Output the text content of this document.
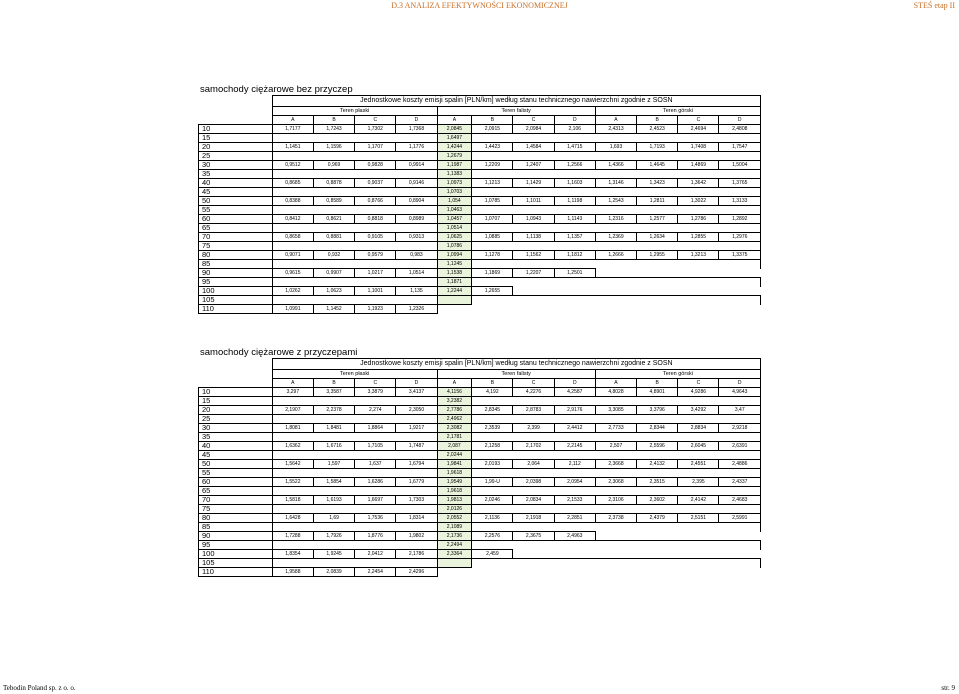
D.3 ANALIZA EFEKTYWNOŚCI EKONOMICZNEJ	STEŚ etap II
samochody ciężarowe bez przyczep
	Jednostkowe koszty emisji spalin [PLN/km] według stanu technicznego nawierzchni zgodnie z SOSN											
	Teren płaski				Teren falisty				Teren górski			
	A	B	C	D	A	B	C	D	A	B	C	D
10	1,7177	1,7243	1,7302	1,7368	2,0845	2,0915	2,0984	2,106	2,4313	2,4523	2,4694	2,4808
15					1,6497							
20	1,1451	1,1596	1,1707	1,1776	1,4244	1,4423	1,4584	1,4715	1,693	1,7193	1,7408	1,7547
25					1,2679							
30	0,9512	0,969	0,9828	0,9914	1,1987	1,2209	1,2407	1,2566	1,4366	1,4645	1,4869	1,5004
35					1,1383							
40	0,8685	0,8878	0,9037	0,9146	1,0973	1,1213	1,1429	1,1603	1,3146	1,3423	1,3642	1,3765
45					1,0703							
50	0,8388	0,8589	0,8766	0,8904	1,054	1,0785	1,1011	1,1198	1,2543	1,2811	1,3022	1,3133
55					1,0463							
60	0,8412	0,8621	0,8818	0,8989	1,0457	1,0707	1,0943	1,1143	1,2316	1,2577	1,2786	1,2892
65					1,0514							
70	0,8658	0,8881	0,9105	0,9313	1,0625	1,0885	1,1138	1,1357	1,2369	1,2634	1,2855	1,2976
75					1,0786							
80	0,9071	0,932	0,9579	0,983	1,0994	1,1278	1,1562	1,1812	1,2666	1,2955	1,3213	1,3375
85					1,1245							
90	0,9615	0,9907	1,0217	1,0514	1,1538	1,1869	1,2207	1,2501				
95					1,1871							
100	1,0262	1,0623	1,1001	1,135	1,2244	1,2655						
105												
110	1,0991	1,1452	1,1923	1,2326								
samochody ciężarowe z przyczepami
	Jednostkowe koszty emisji spalin [PLN/km] według stanu technicznego nawierzchni zgodnie z SOSN											
	Teren płaski				Teren falisty				Teren górski			
	A	B	C	D	A	B	C	D	A	B	C	D
10	3,297	3,3587	3,3879	3,4137	4,1156	4,192	4,2276	4,2587	4,8028	4,8901	4,9286	4,9643
15					3,2382							
20	2,1907	2,2378	2,274	2,3050	2,7786	2,8345	2,8783	2,9176	3,3085	3,3796	3,4292	3,47
25					2,4962							
30	1,8081	1,8481	1,8864	1,9217	2,3082	2,3539	2,399	2,4412	2,7733	2,8344	2,8834	2,9218
35					2,1781							
40	1,6362	1,6716	1,7105	1,7487	2,087	2,1258	2,1702	2,2145	2,507	2,5596	2,6045	2,6391
45					2,0244							
50	1,5642	1,597	1,637	1,6794	1,9841	2,0193	2,064	2,112	2,3668	2,4132	2,4551	2,4886
55					1,9618							
60	1,5522	1,5854	1,6286	1,6779	1,9549	1,99-U	2,0398	2,0954	2,3068	2,3515	2,395	2,4337
65					1,9618							
70	1,5818	1,6193	1,6697	1,7303	1,9813	2,0246	2,0834	2,1533	2,3106	2,3602	2,4142	2,4683
75					2,0126							
80	1,6428	1,69	1,7536	1,8314	2,0552	2,1136	2,1918	2,2851	2,3738	2,4379	2,5151	2,5991
85					2,1089							
90	1,7288	1,7926	1,8776	1,9802	2,1736	2,2576	2,3675	2,4963				
95					2,2494							
100	1,8354	1,9245	2,0412	2,1786	2,3364	2,459						
105												
110	1,9588	2,0839	2,2454	2,4296								
Tebodin Poland sp. z o. o.	str. 9
